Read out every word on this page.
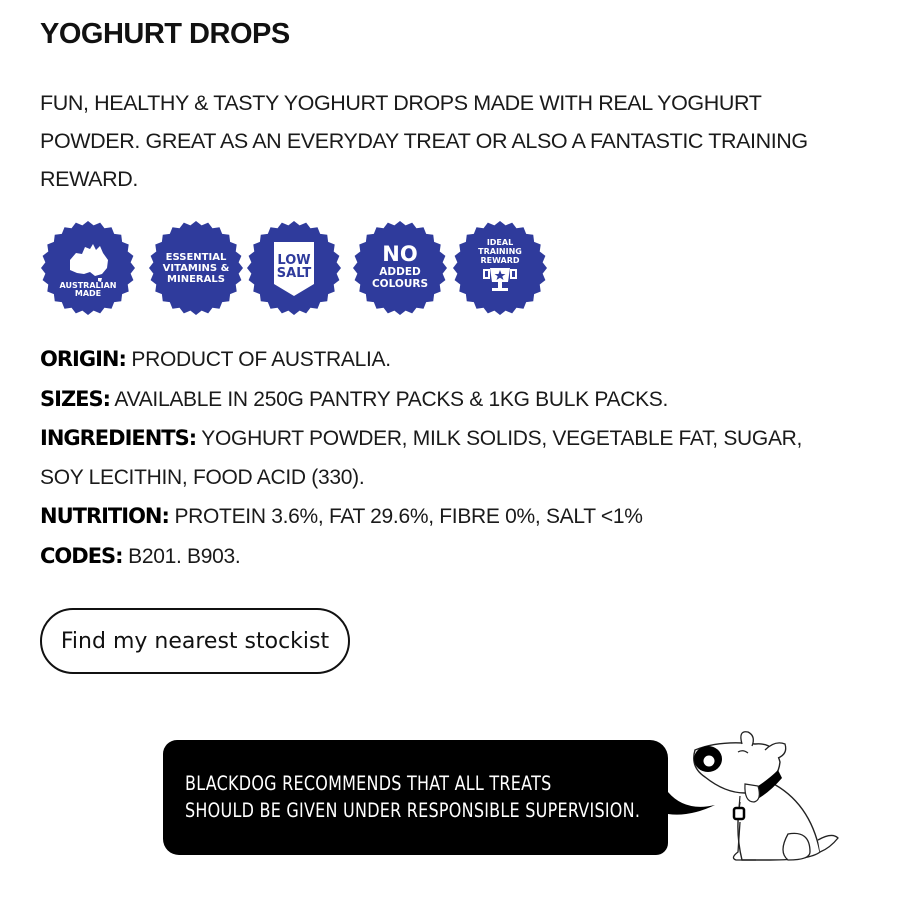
YOGHURT DROPS
FUN, HEALTHY & TASTY YOGHURT DROPS MADE WITH REAL YOGHURT POWDER. GREAT AS AN EVERYDAY TREAT OR ALSO A FANTASTIC TRAINING REWARD.
AUSTRALIAN
MADE
ESSENTIAL
VITAMINS &
MINERALS
LOW
SALT
NO
ADDED
COLOURS
IDEAL
TRAINING
REWARD
ORIGIN: PRODUCT OF AUSTRALIA.
SIZES: AVAILABLE IN 250G PANTRY PACKS & 1KG BULK PACKS.
INGREDIENTS: YOGHURT POWDER, MILK SOLIDS, VEGETABLE FAT, SUGAR, SOY LECITHIN, FOOD ACID (330).
NUTRITION: PROTEIN 3.6%, FAT 29.6%, FIBRE 0%, SALT <1%
CODES: B201. B903.
Find my nearest stockist
BLACKDOG RECOMMENDS THAT ALL TREATS
SHOULD BE GIVEN UNDER RESPONSIBLE SUPERVISION.
